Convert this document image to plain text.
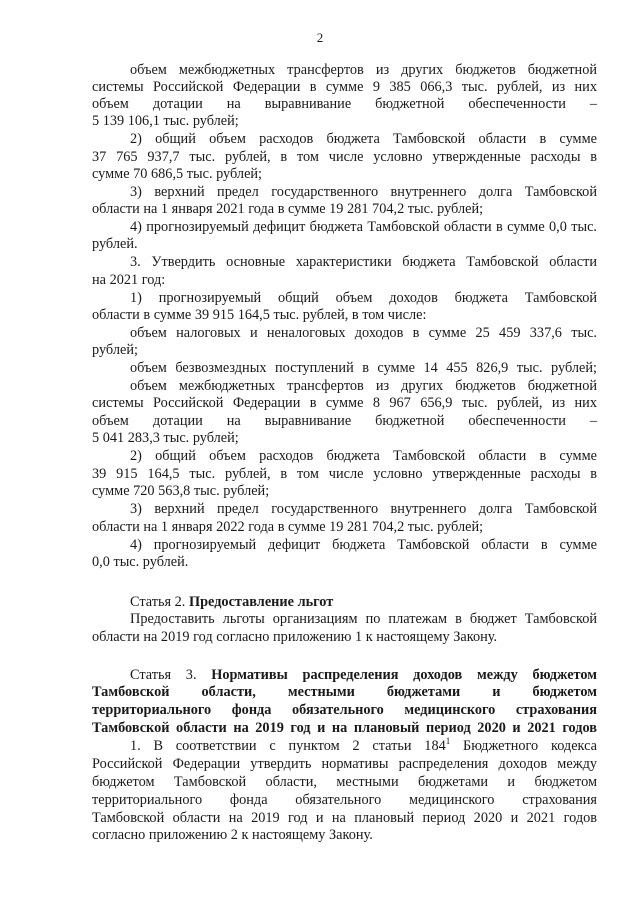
2
объем межбюджетных трансфертов из других бюджетов бюджетной
системы Российской Федерации в сумме 9 385 066,3 тыс. рублей, из них
объем дотации на выравнивание бюджетной обеспеченности –
5 139 106,1 тыс. рублей;
2) общий объем расходов бюджета Тамбовской области в сумме
37 765 937,7 тыс. рублей, в том числе условно утвержденные расходы в
сумме 70 686,5 тыс. рублей;
3) верхний предел государственного внутреннего долга Тамбовской
области на 1 января 2021 года в сумме 19 281 704,2 тыс. рублей;
4) прогнозируемый дефицит бюджета Тамбовской области в сумме 0,0 тыс.
рублей.
3. Утвердить основные характеристики бюджета Тамбовской области
на 2021 год:
1) прогнозируемый общий объем доходов бюджета Тамбовской
области в сумме 39 915 164,5 тыс. рублей, в том числе:
объем налоговых и неналоговых доходов в сумме 25 459 337,6 тыс.
рублей;
объем безвозмездных поступлений в сумме 14 455 826,9 тыс. рублей;
объем межбюджетных трансфертов из других бюджетов бюджетной
системы Российской Федерации в сумме 8 967 656,9 тыс. рублей, из них
объем дотации на выравнивание бюджетной обеспеченности –
5 041 283,3 тыс. рублей;
2) общий объем расходов бюджета Тамбовской области в сумме
39 915 164,5 тыс. рублей, в том числе условно утвержденные расходы в
сумме 720 563,8 тыс. рублей;
3) верхний предел государственного внутреннего долга Тамбовской
области на 1 января 2022 года в сумме 19 281 704,2 тыс. рублей;
4) прогнозируемый дефицит бюджета Тамбовской области в сумме
0,0 тыс. рублей.
Статья 2. Предоставление льгот
Предоставить льготы организациям по платежам в бюджет Тамбовской
области на 2019 год согласно приложению 1 к настоящему Закону.
Статья 3. Нормативы распределения доходов между бюджетом
Тамбовской области, местными бюджетами и бюджетом
территориального фонда обязательного медицинского страхования
Тамбовской области на 2019 год и на плановый период 2020 и 2021 годов
1. В соответствии с пунктом 2 статьи $184^1$ Бюджетного кодекса
Российской Федерации утвердить нормативы распределения доходов между
бюджетом Тамбовской области, местными бюджетами и бюджетом
территориального фонда обязательного медицинского страхования
Тамбовской области на 2019 год и на плановый период 2020 и 2021 годов
согласно приложению 2 к настоящему Закону.
